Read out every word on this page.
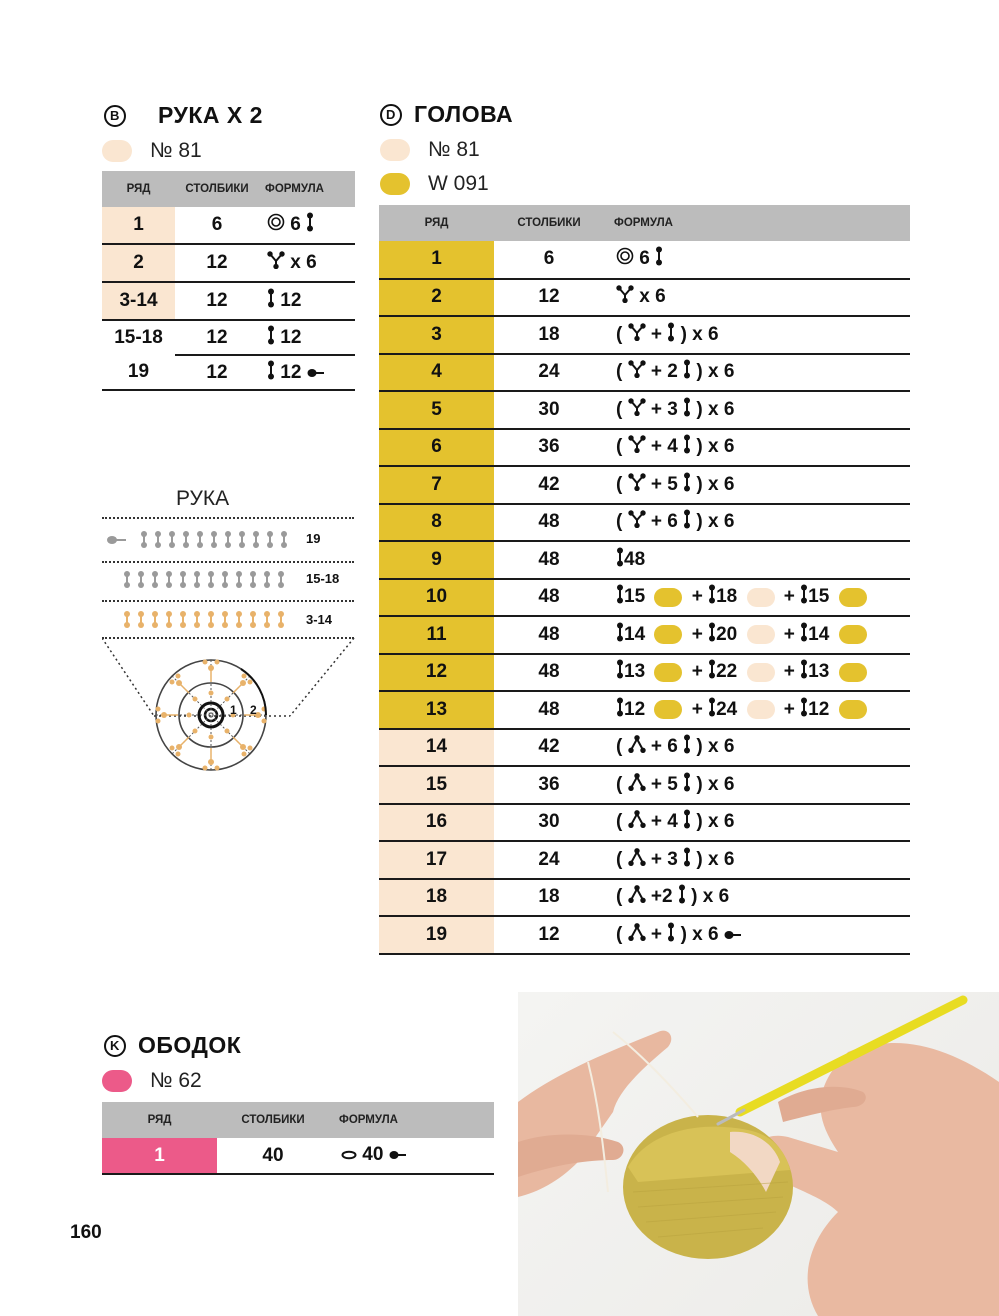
B РУКА X 2
№ 81
РЯД	СТОЛБИКИ	ФОРМУЛА
1	6	6
2	12	x 6
3-14	12	12
15-18	12	12
19	12	12
РУКА
19
15-18
3-14
1 2
D ГОЛОВА
№ 81
W 091
РЯД	СТОЛБИКИ	ФОРМУЛА
1	6	6
2	12	x 6
3	18	(  + ) x 6
4	24	(  + 2 ) x 6
5	30	(  + 3 ) x 6
6	36	(  + 4 ) x 6
7	42	(  + 5 ) x 6
8	48	(  + 6 ) x 6
9	48	48
10	48	15  + 18  + 15
11	48	14  + 20  + 14
12	48	13  + 22  + 13
13	48	12  + 24  + 12
14	42	(  + 6 ) x 6
15	36	(  + 5 ) x 6
16	30	(  + 4 ) x 6
17	24	(  + 3 ) x 6
18	18	(  +2 ) x 6
19	12	(  + ) x 6
K ОБОДОК
№ 62
РЯД	СТОЛБИКИ	ФОРМУЛА
1	40	40
160
